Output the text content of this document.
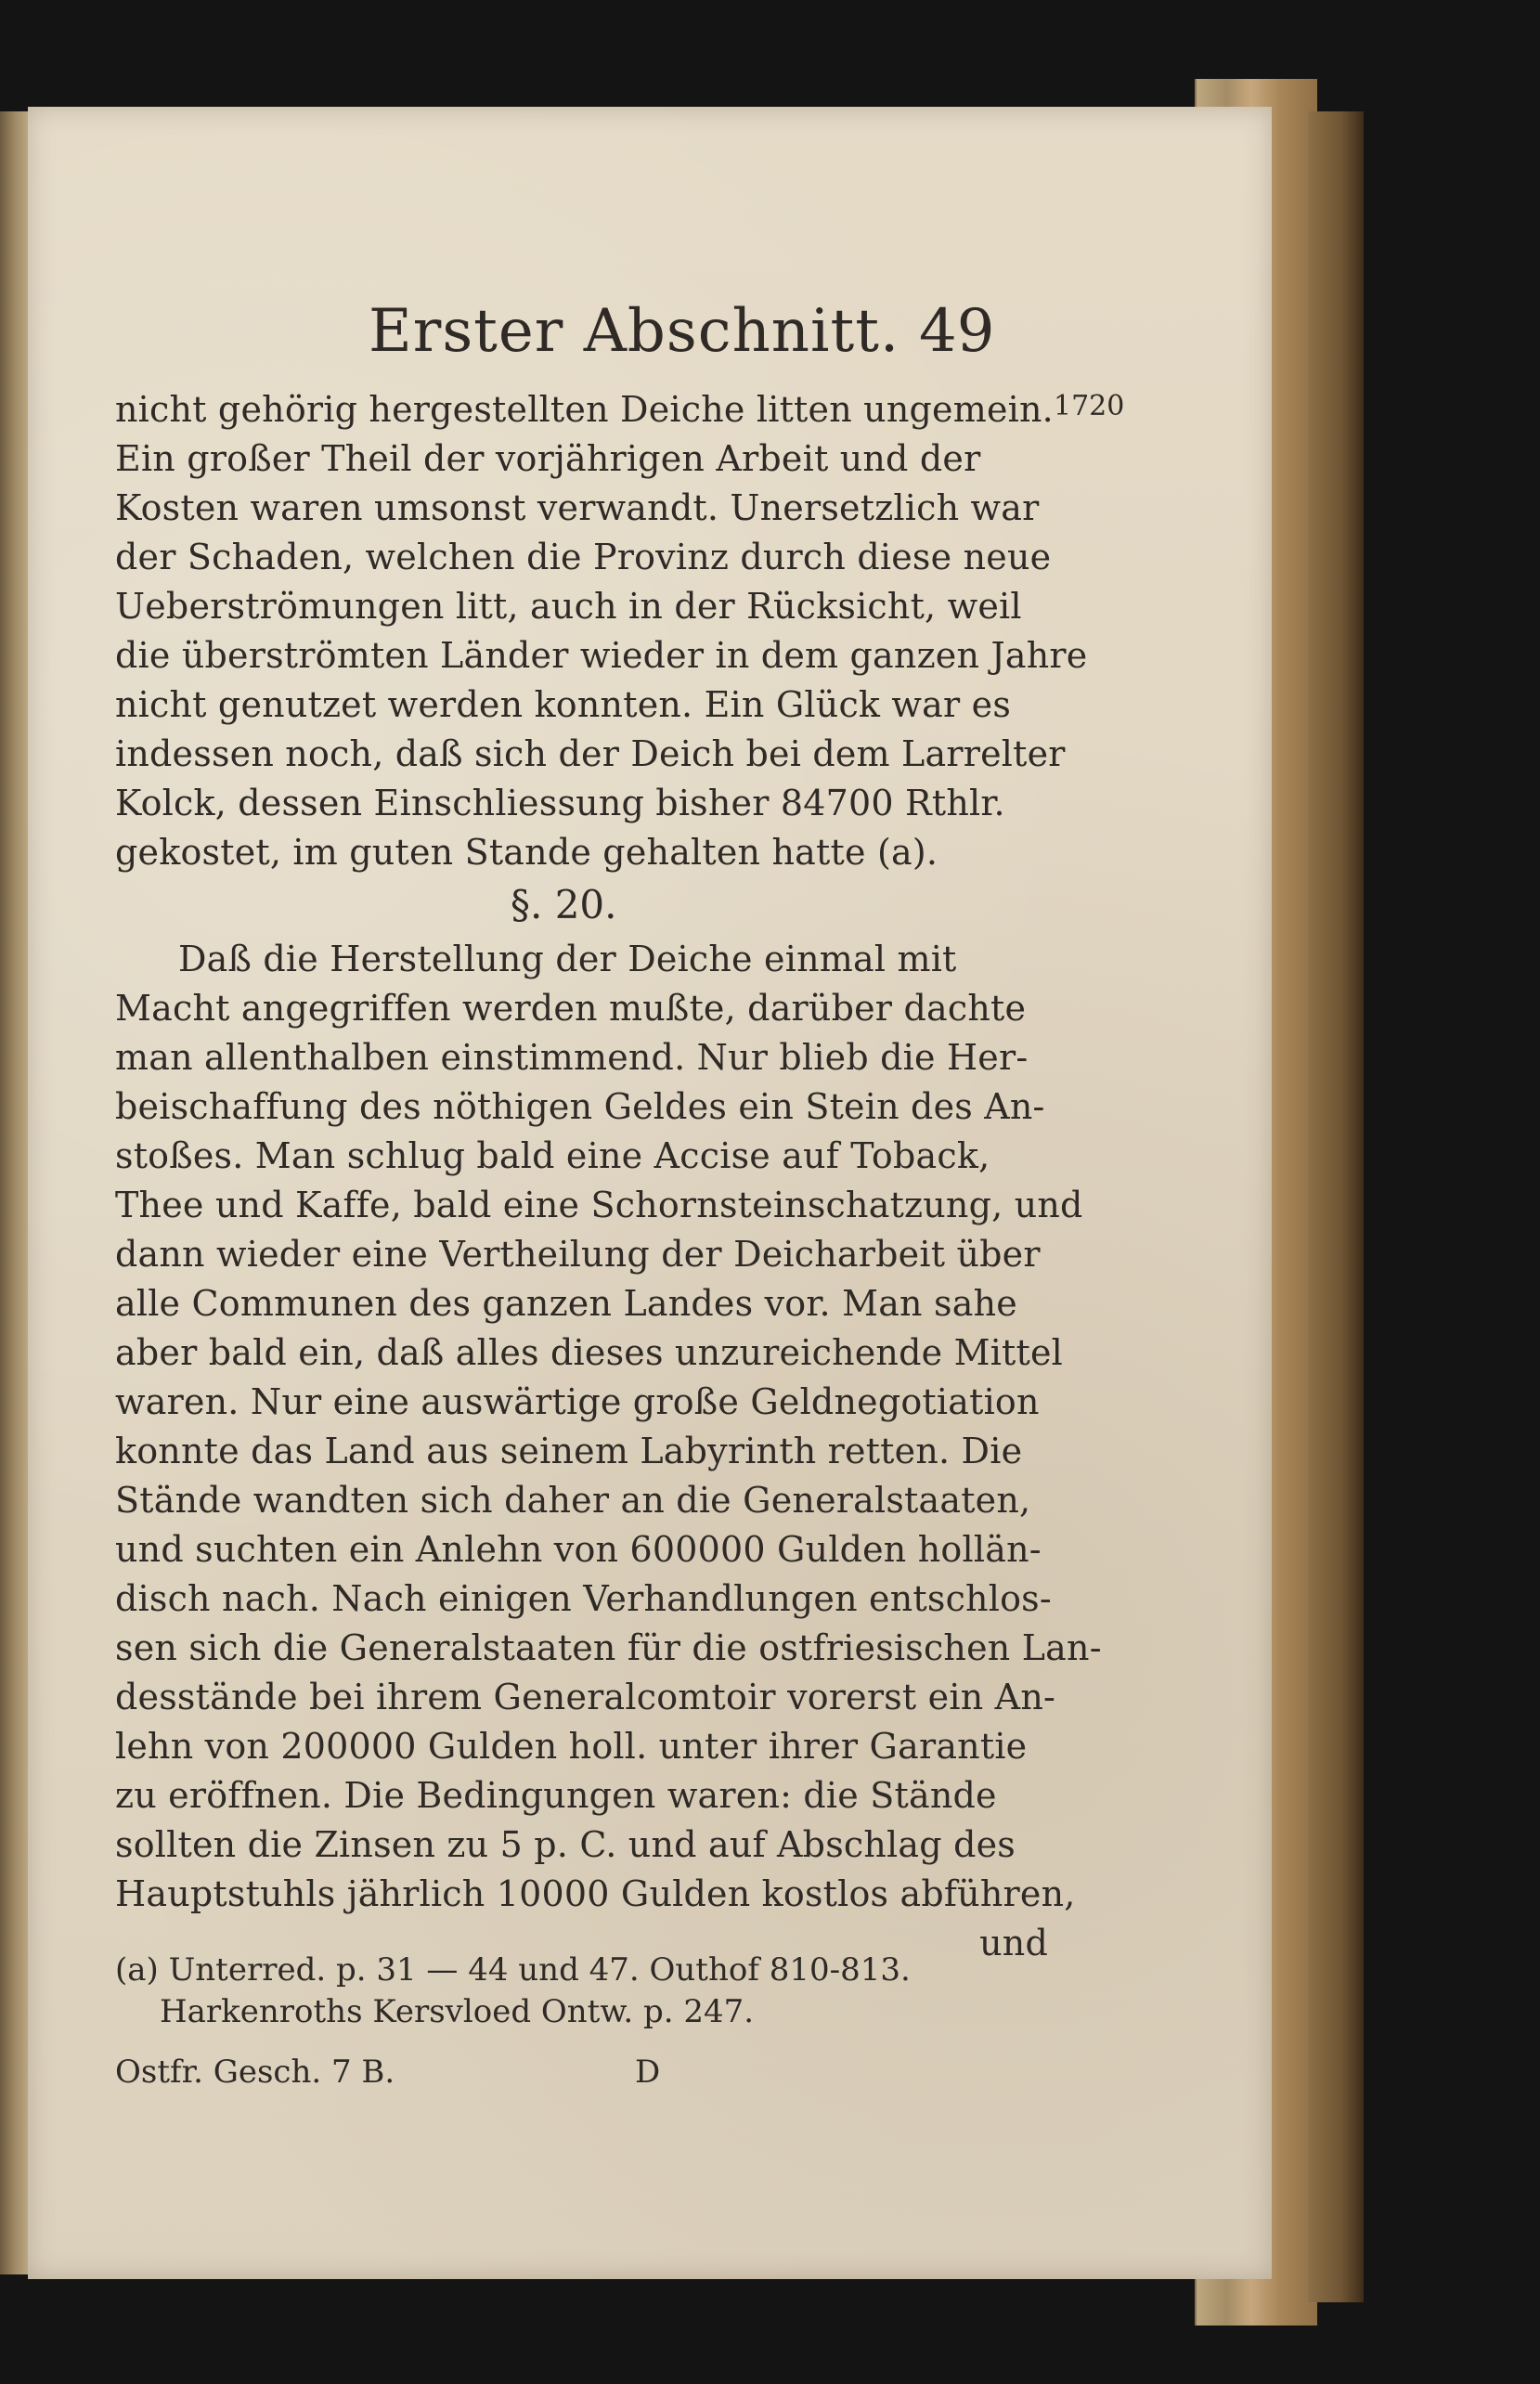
Erster Abschnitt. 49
1720
nicht gehörig hergestellten Deiche litten ungemein.
Ein großer Theil der vorjährigen Arbeit und der
Kosten waren umsonst verwandt. Unersetzlich war
der Schaden, welchen die Provinz durch diese neue
Ueberströmungen litt, auch in der Rücksicht, weil
die überströmten Länder wieder in dem ganzen Jahre
nicht genutzet werden konnten. Ein Glück war es
indessen noch, daß sich der Deich bei dem Larrelter
Kolck, dessen Einschliessung bisher 84700 Rthlr.
gekostet, im guten Stande gehalten hatte (a).
Daß die Herstellung der Deiche einmal mit
Macht angegriffen werden mußte, darüber dachte
man allenthalben einstimmend. Nur blieb die Her-
beischaffung des nöthigen Geldes ein Stein des An-
stoßes. Man schlug bald eine Accise auf Toback,
Thee und Kaffe, bald eine Schornsteinschatzung, und
dann wieder eine Vertheilung der Deicharbeit über
alle Communen des ganzen Landes vor. Man sahe
aber bald ein, daß alles dieses unzureichende Mittel
waren. Nur eine auswärtige große Geldnegotiation
konnte das Land aus seinem Labyrinth retten. Die
Stände wandten sich daher an die Generalstaaten,
und suchten ein Anlehn von 600000 Gulden hollän-
disch nach. Nach einigen Verhandlungen entschlos-
sen sich die Generalstaaten für die ostfriesischen Lan-
desstände bei ihrem Generalcomtoir vorerst ein An-
lehn von 200000 Gulden holl. unter ihrer Garantie
zu eröffnen. Die Bedingungen waren: die Stände
sollten die Zinsen zu 5 p. C. und auf Abschlag des
Hauptstuhls jährlich 10000 Gulden kostlos abführen,
und
§. 20.
(a) Unterred. p. 31 — 44 und 47. Outhof 810-813.
Harkenroths Kersvloed Ontw. p. 247.
Ostfr. Gesch. 7 B.	D
